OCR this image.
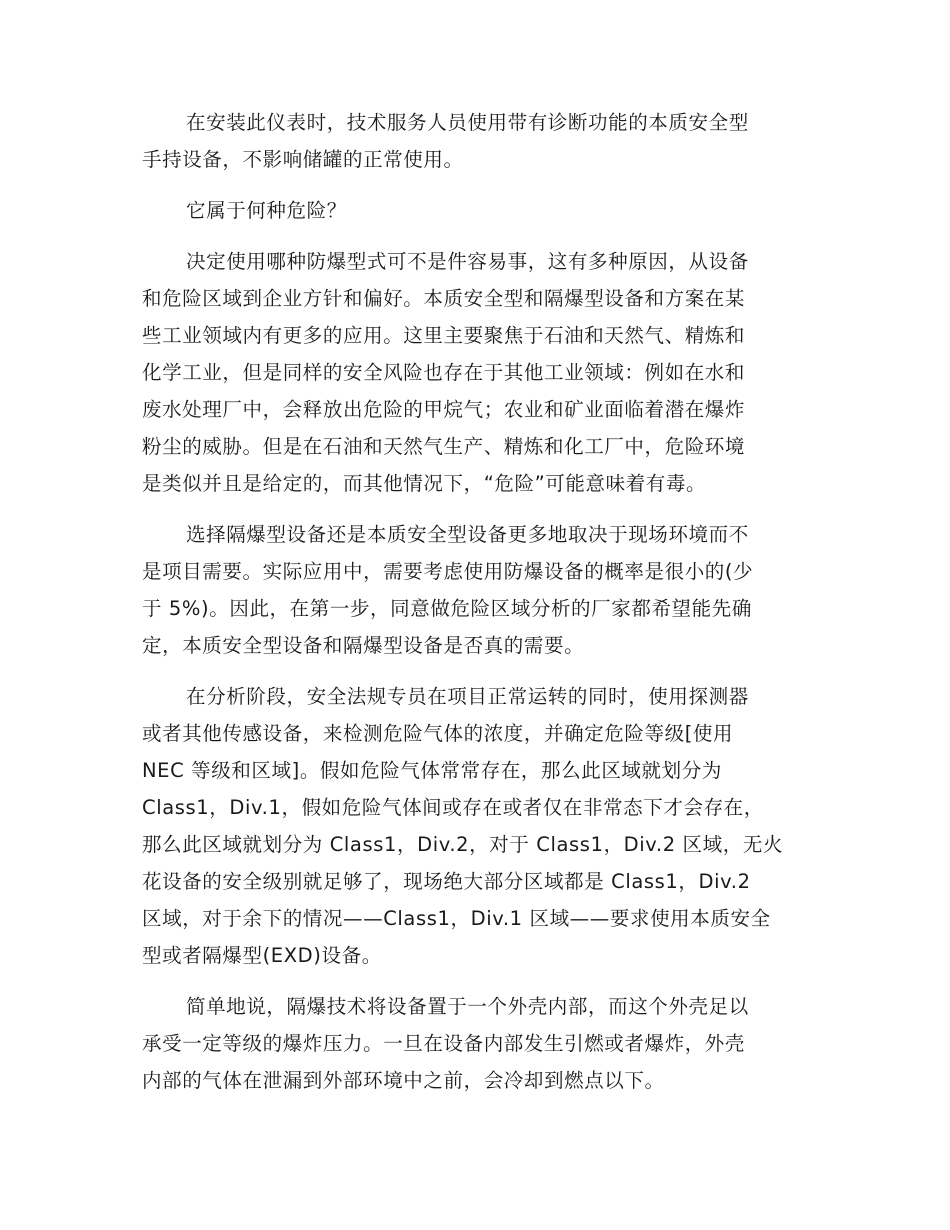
在安装此仪表时，技术服务人员使用带有诊断功能的本质安全型
手持设备，不影响储罐的正常使用。

它属于何种危险？

决定使用哪种防爆型式可不是件容易事，这有多种原因，从设备
和危险区域到企业方针和偏好。本质安全型和隔爆型设备和方案在某
些工业领域内有更多的应用。这里主要聚焦于石油和天然气、精炼和
化学工业，但是同样的安全风险也存在于其他工业领域：例如在水和
废水处理厂中，会释放出危险的甲烷气；农业和矿业面临着潜在爆炸
粉尘的威胁。但是在石油和天然气生产、精炼和化工厂中，危险环境
是类似并且是给定的，而其他情况下，“危险”可能意味着有毒。

选择隔爆型设备还是本质安全型设备更多地取决于现场环境而不
是项目需要。实际应用中，需要考虑使用防爆设备的概率是很小的(少
于 5%)。因此，在第一步，同意做危险区域分析的厂家都希望能先确
定，本质安全型设备和隔爆型设备是否真的需要。

在分析阶段，安全法规专员在项目正常运转的同时，使用探测器
或者其他传感设备，来检测危险气体的浓度，并确定危险等级[使用
NEC 等级和区域]。假如危险气体常常存在，那么此区域就划分为
Class1，Div.1，假如危险气体间或存在或者仅在非常态下才会存在，
那么此区域就划分为 Class1，Div.2，对于 Class1，Div.2 区域，无火
花设备的安全级别就足够了，现场绝大部分区域都是 Class1，Div.2
区域，对于余下的情况——Class1，Div.1 区域——要求使用本质安全
型或者隔爆型(EXD)设备。

简单地说，隔爆技术将设备置于一个外壳内部，而这个外壳足以
承受一定等级的爆炸压力。一旦在设备内部发生引燃或者爆炸，外壳
内部的气体在泄漏到外部环境中之前，会冷却到燃点以下。
